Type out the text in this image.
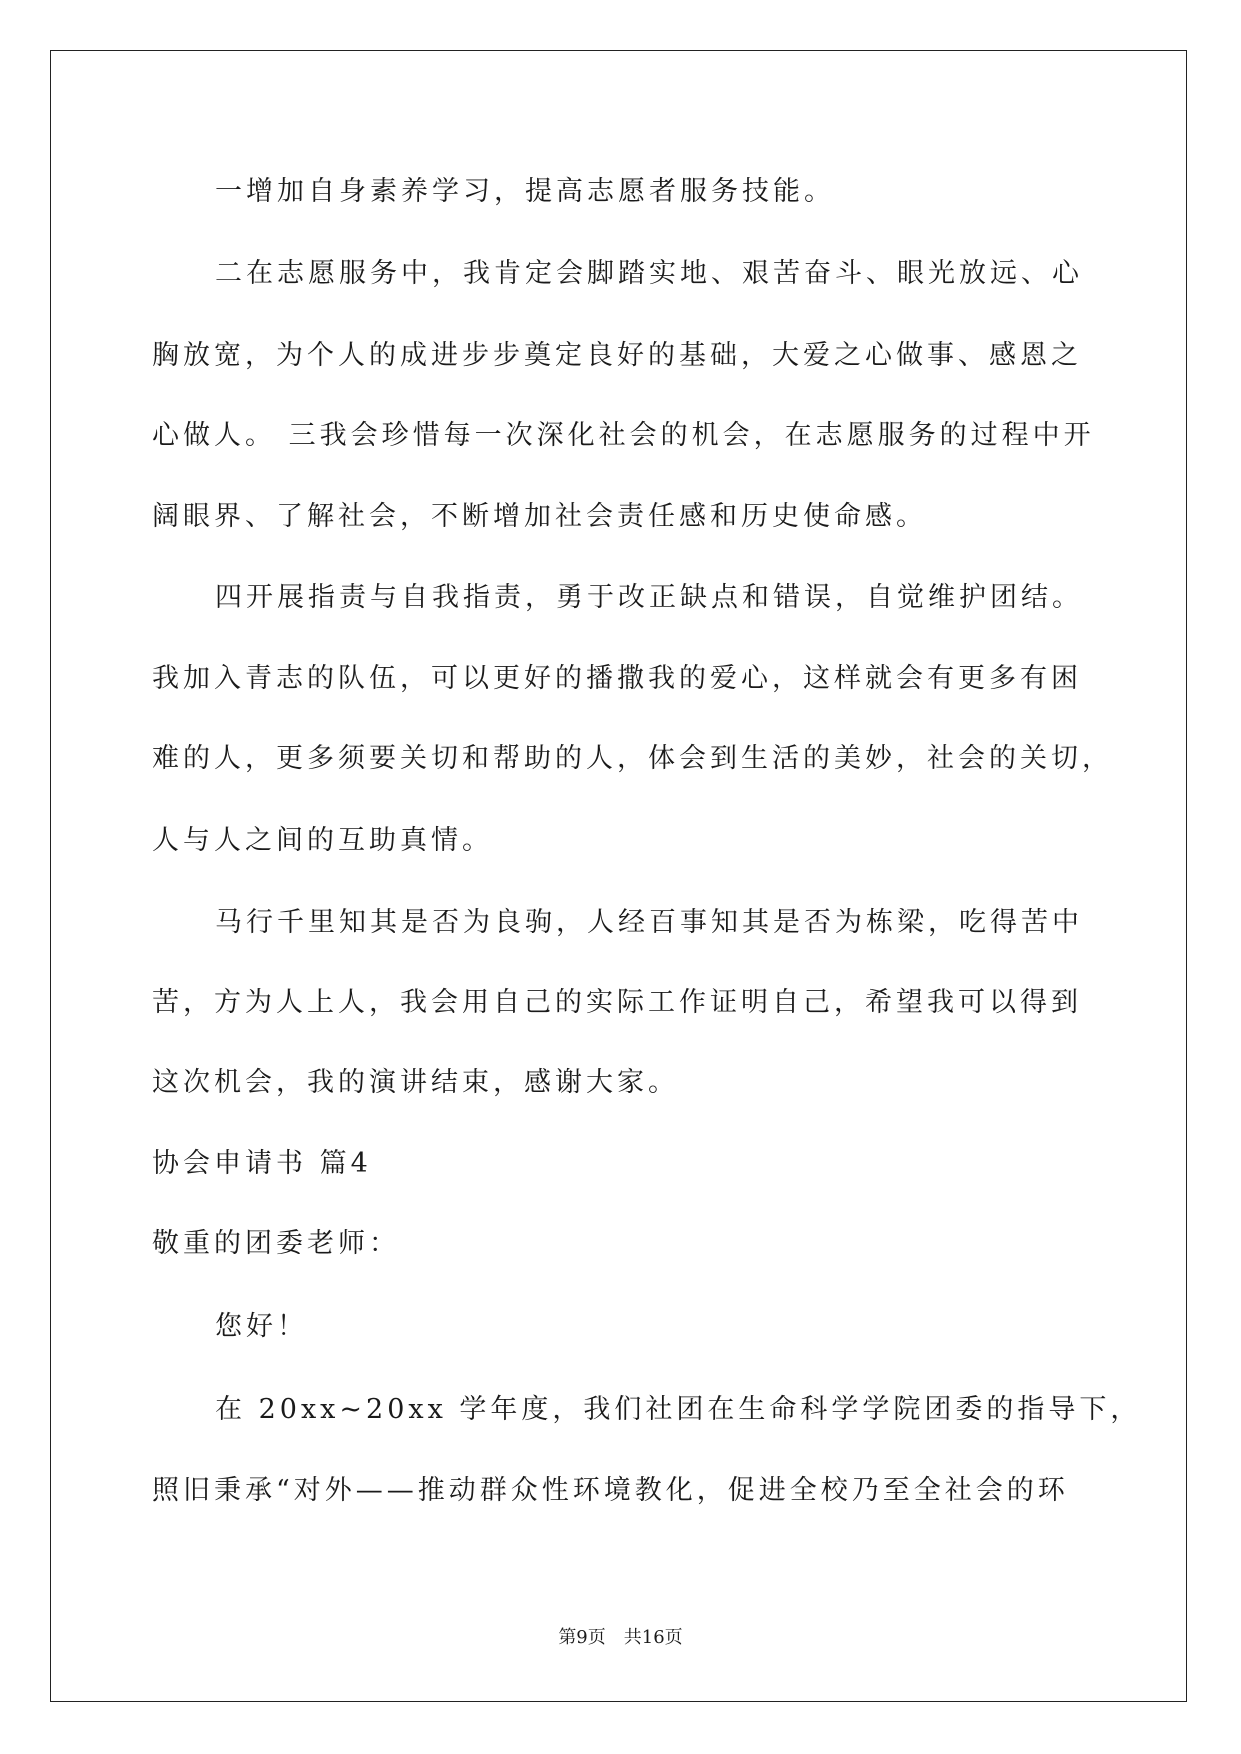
一增加自身素养学习，提高志愿者服务技能。
二在志愿服务中，我肯定会脚踏实地、艰苦奋斗、眼光放远、心
胸放宽，为个人的成进步步奠定良好的基础，大爱之心做事、感恩之
心做人。 三我会珍惜每一次深化社会的机会，在志愿服务的过程中开
阔眼界、了解社会，不断增加社会责任感和历史使命感。
四开展指责与自我指责，勇于改正缺点和错误，自觉维护团结。
我加入青志的队伍，可以更好的播撒我的爱心，这样就会有更多有困
难的人，更多须要关切和帮助的人，体会到生活的美妙，社会的关切，
人与人之间的互助真情。
马行千里知其是否为良驹，人经百事知其是否为栋梁，吃得苦中
苦，方为人上人，我会用自己的实际工作证明自己，希望我可以得到
这次机会，我的演讲结束，感谢大家。
协会申请书 篇4
敬重的团委老师：
您好！
在 20xx~20xx 学年度，我们社团在生命科学学院团委的指导下，
照旧秉承“对外——推动群众性环境教化，促进全校乃至全社会的环
第9页 共16页
